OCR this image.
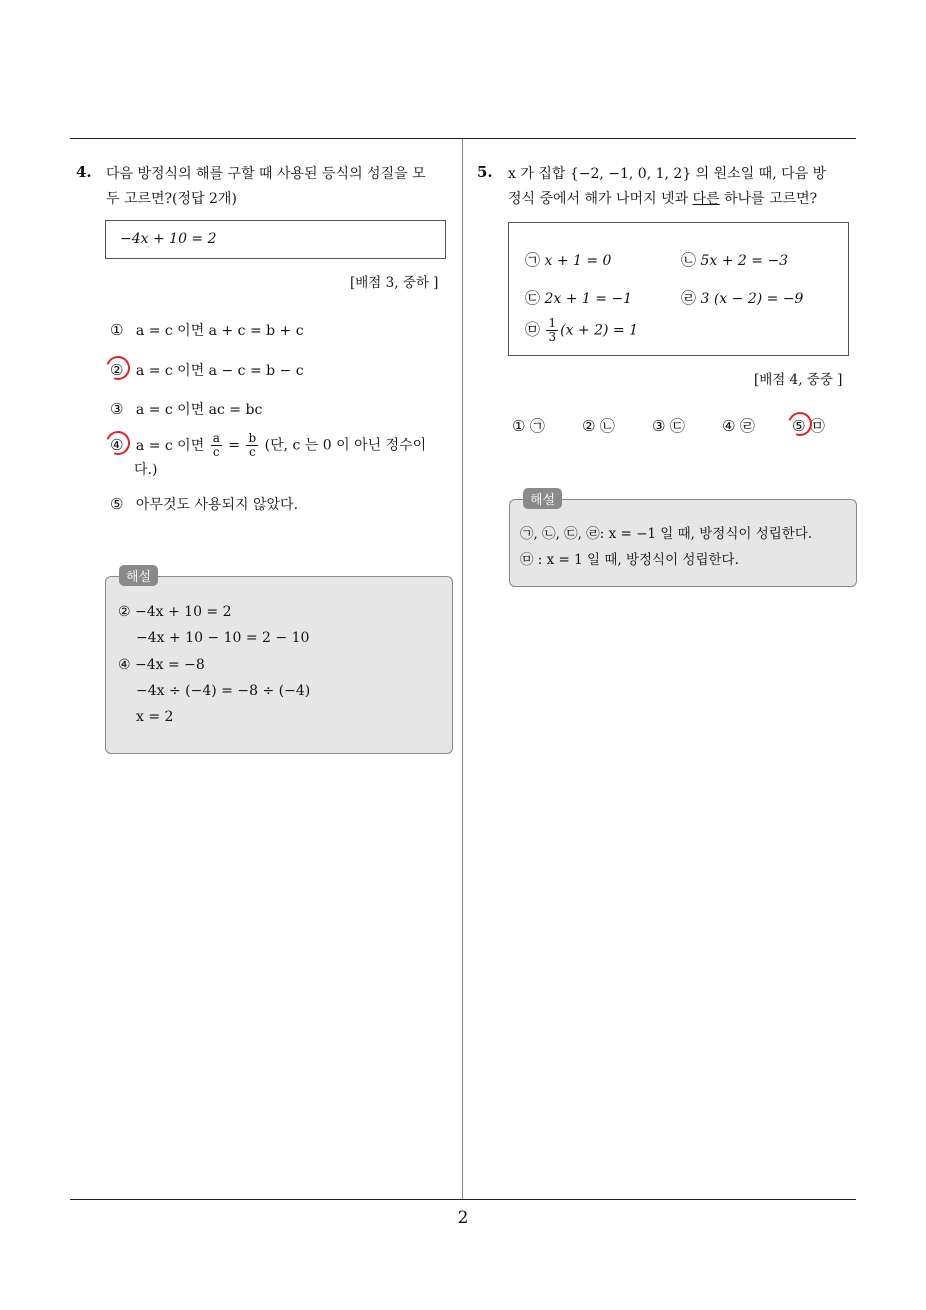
2
4. 다음 방정식의 해를 구할 때 사용된 등식의 성질을 모
두 고르면?(정답 2개)
−4x + 10 = 2
[배점 3, 중하 ]
① a = c 이면 a + c = b + c
② a = c 이면 a − c = b − c
③ a = c 이면 ac = bc
④ a = c 이면 $\frac{a}{c} = \frac{b}{c}$ (단, c 는 0 이 아닌 정수이
다.)
⑤ 아무것도 사용되지 않았다.
② −4x + 10 = 2
−4x + 10 − 10 = 2 − 10
④ −4x = −8
−4x ÷ (−4) = −8 ÷ (−4)
x = 2
해설
5. x 가 집합 {−2, −1, 0, 1, 2} 의 원소일 때, 다음 방
정식 중에서 해가 나머지 넷과 다른 하나를 고르면?
㉠ x + 1 = 0	㉡ 5x + 2 = −3
㉢ 2x + 1 = −1	㉣ 3 (x − 2) = −9
㉤ $\frac{1}{3} (x + 2) = 1$
[배점 4, 중중 ]
① ㉠ ② ㉡ ③ ㉢ ④ ㉣ ⑤ ㉤
㉠, ㉡, ㉢, ㉣: x = −1 일 때, 방정식이 성립한다.
㉤ : x = 1 일 때, 방정식이 성립한다.
해설
